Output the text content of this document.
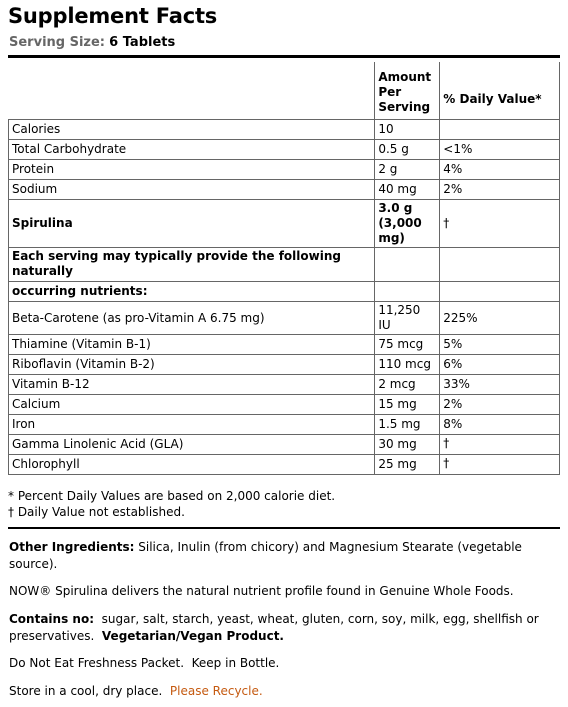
Supplement Facts
Serving Size: 6 Tablets
	Amount Per Serving	% Daily Value*
Calories	10	
Total Carbohydrate	0.5 g	<1%
Protein	2 g	4%
Sodium	40 mg	2%
Spirulina	3.0 g (3,000 mg)	†
Each serving may typically provide the following naturally		
occurring nutrients:		
Beta-Carotene (as pro-Vitamin A 6.75 mg)	11,250 IU	225%
Thiamine (Vitamin B-1)	75 mcg	5%
Riboflavin (Vitamin B-2)	110 mcg	6%
Vitamin B-12	2 mcg	33%
Calcium	15 mg	2%
Iron	1.5 mg	8%
Gamma Linolenic Acid (GLA)	30 mg	†
Chlorophyll	25 mg	†
* Percent Daily Values are based on 2,000 calorie diet.
† Daily Value not established.

Other Ingredients: Silica, Inulin (from chicory) and Magnesium Stearate (vegetable source).

NOW® Spirulina delivers the natural nutrient profile found in Genuine Whole Foods.

Contains no:  sugar, salt, starch, yeast, wheat, gluten, corn, soy, milk, egg, shellfish or preservatives.  Vegetarian/Vegan Product.

Do Not Eat Freshness Packet.  Keep in Bottle.

Store in a cool, dry place.  Please Recycle.
